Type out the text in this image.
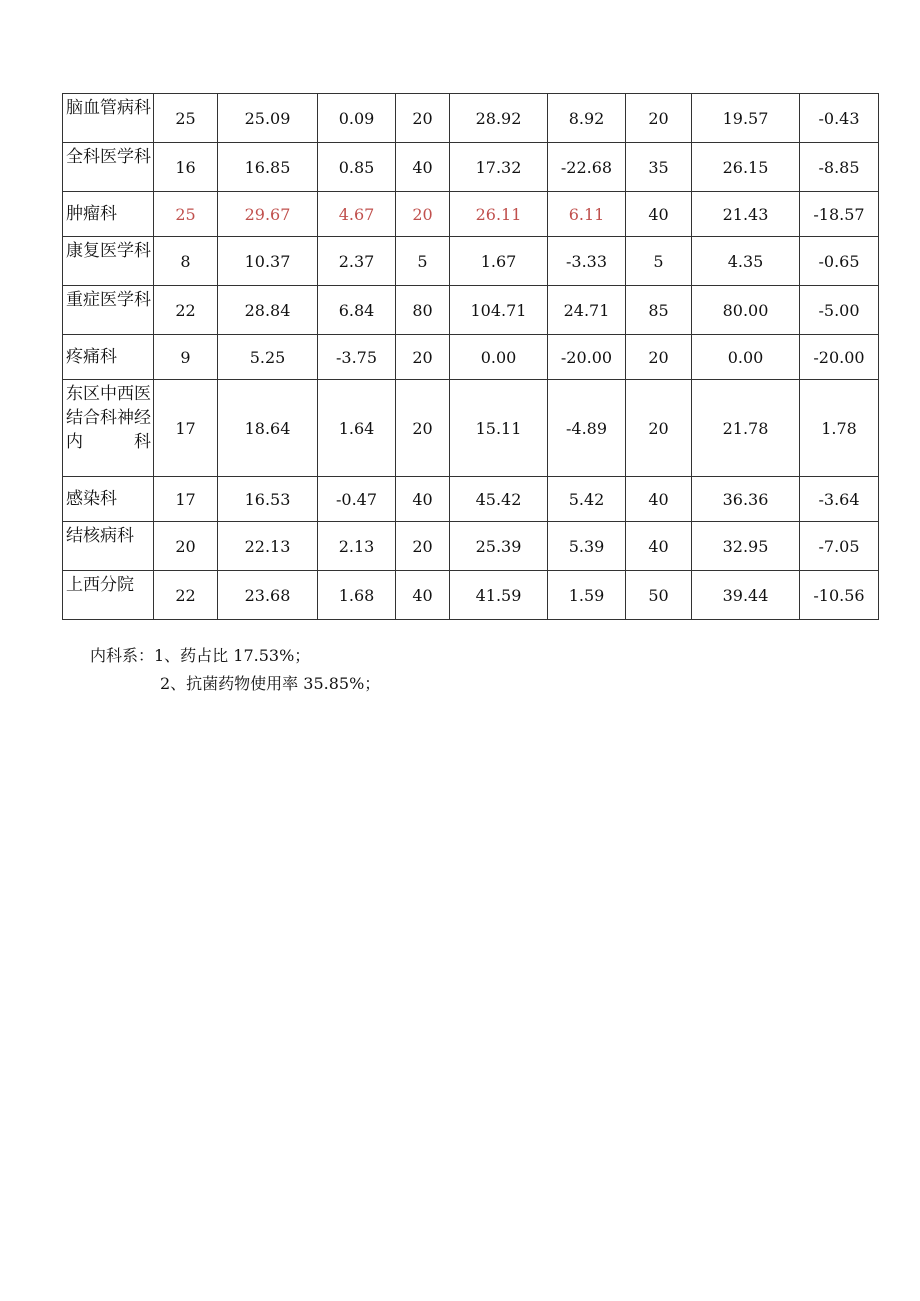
脑血管病科	25	25.09	0.09	20	28.92	8.92	20	19.57	-0.43
全科医学科	16	16.85	0.85	40	17.32	-22.68	35	26.15	-8.85
肿瘤科	25	29.67	4.67	20	26.11	6.11	40	21.43	-18.57
康复医学科	8	10.37	2.37	5	1.67	-3.33	5	4.35	-0.65
重症医学科	22	28.84	6.84	80	104.71	24.71	85	80.00	-5.00
疼痛科	9	5.25	-3.75	20	0.00	-20.00	20	0.00	-20.00
东区中西医结合科神经内科	17	18.64	1.64	20	15.11	-4.89	20	21.78	1.78
感染科	17	16.53	-0.47	40	45.42	5.42	40	36.36	-3.64
结核病科	20	22.13	2.13	20	25.39	5.39	40	32.95	-7.05
上西分院	22	23.68	1.68	40	41.59	1.59	50	39.44	-10.56
内科系：1、药占比 17.53%；
2、抗菌药物使用率 35.85%；
